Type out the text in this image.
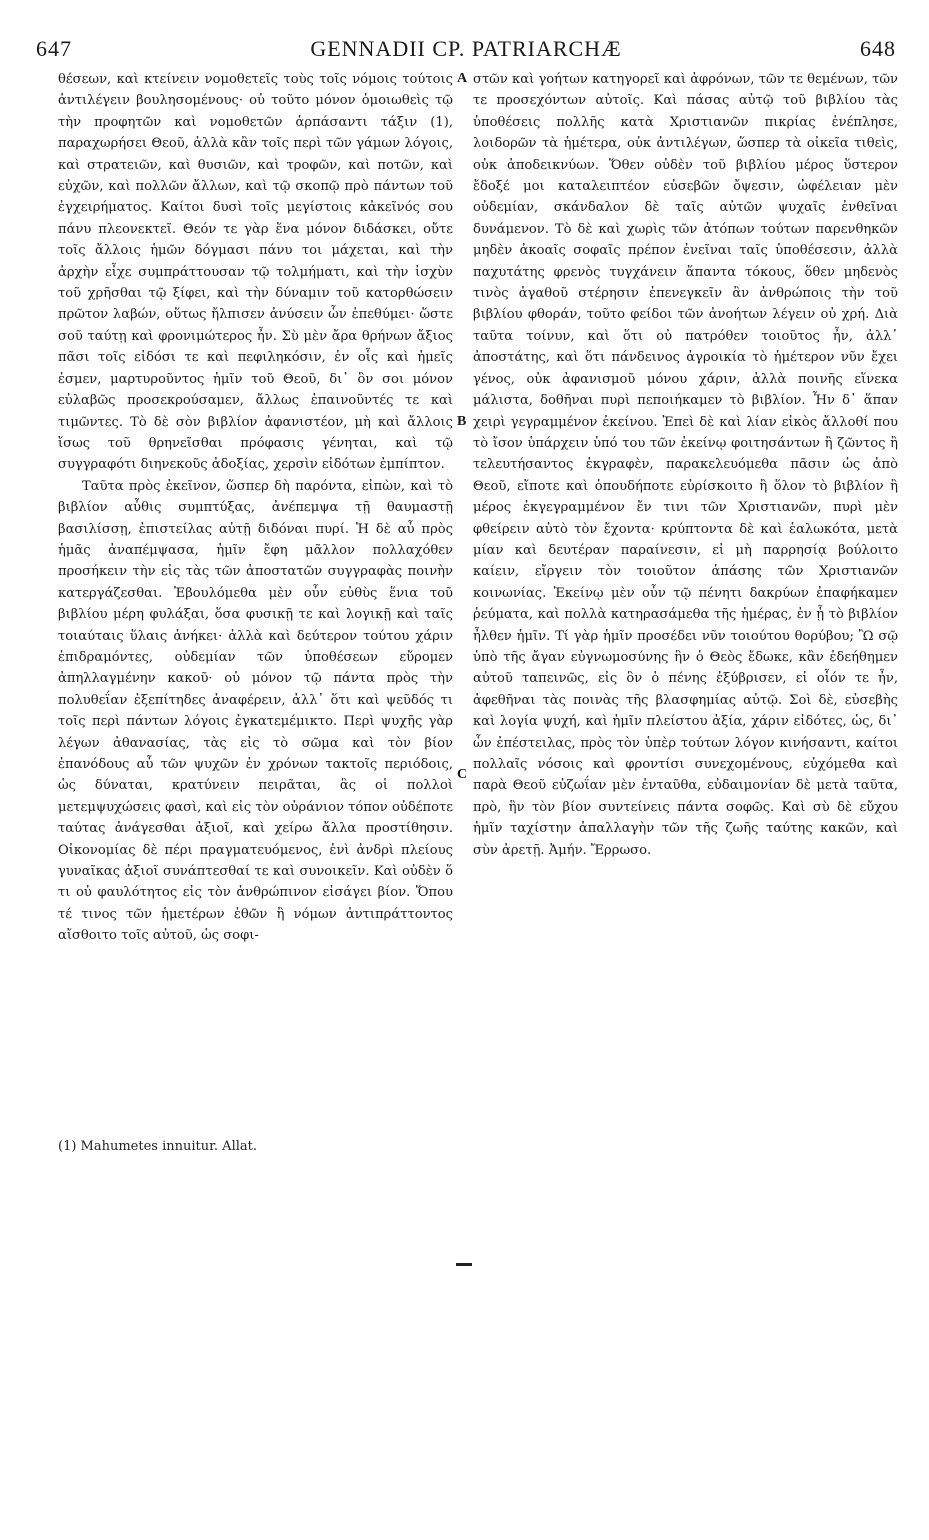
647	GENNADII CP. PATRIARCHÆ	648

θέσεων, καὶ κτείνειν νομοθετεῖς τοὺς τοῖς νόμοις τούτοις ἀντιλέγειν βουλησομένους· οὐ τοῦτο μόνον ὁμοιωθεὶς τῷ τὴν προφητῶν καὶ νομοθετῶν ἁρπάσαντι τάξιν (1), παραχωρήσει Θεοῦ, ἀλλὰ κἂν τοῖς περὶ τῶν γάμων λόγοις, καὶ στρατειῶν, καὶ θυσιῶν, καὶ τροφῶν, καὶ ποτῶν, καὶ εὐχῶν, καὶ πολλῶν ἄλλων, καὶ τῷ σκοπῷ πρὸ πάντων τοῦ ἐγχειρήματος. Καίτοι δυσὶ τοῖς μεγίστοις κἀκεῖνός σου πάνυ πλεονεκτεῖ. Θεόν τε γὰρ ἕνα μόνον διδάσκει, οὔτε τοῖς ἄλλοις ἡμῶν δόγμασι πάνυ τοι μάχεται, καὶ τὴν ἀρχὴν εἶχε συμπράττουσαν τῷ τολμήματι, καὶ τὴν ἰσχὺν τοῦ χρῆσθαι τῷ ξίφει, καὶ τὴν δύναμιν τοῦ κατορθώσειν πρῶτον λαβών, οὕτως ἤλπισεν ἀνύσειν ὧν ἐπεθύμει· ὥστε σοῦ ταύτῃ καὶ φρονιμώτερος ἦν. Σὺ μὲν ἄρα θρήνων ἄξιος πᾶσι τοῖς εἰδόσι τε καὶ πεφιληκόσιν, ἐν οἷς καὶ ἡμεῖς ἐσμεν, μαρτυροῦντος ἡμῖν τοῦ Θεοῦ, δι᾽ ὃν σοι μόνον εὐλαβῶς προσεκρούσαμεν, ἄλλως ἐπαινοῦντές τε καὶ τιμῶντες. Τὸ δὲ σὸν βιβλίον ἀφανιστέον, μὴ καὶ ἄλλοις ἴσως τοῦ θρηνεῖσθαι πρόφασις γένηται, καὶ τῷ συγγραφότι διηνεκοῦς ἀδοξίας, χερσὶν εἰδότων ἐμπίπτον.

Ταῦτα πρὸς ἐκεῖνον, ὥσπερ δὴ παρόντα, εἰπὼν, καὶ τὸ βιβλίον αὖθις συμπτύξας, ἀνέπεμψα τῇ θαυμαστῇ βασιλίσσῃ, ἐπιστείλας αὐτῇ διδόναι πυρί. Ἡ δὲ αὖ πρὸς ἡμᾶς ἀναπέμψασα, ἡμῖν ἔφη μᾶλλον πολλαχόθεν προσήκειν τὴν εἰς τὰς τῶν ἀποστατῶν συγγραφὰς ποινὴν κατεργάζεσθαι. Ἐβουλόμεθα μὲν οὖν εὐθὺς ἕνια τοῦ βιβλίου μέρη φυλάξαι, ὅσα φυσικῇ τε καὶ λογικῇ καὶ ταῖς τοιαύταις ὕλαις ἀνήκει· ἀλλὰ καὶ δεύτερον τούτου χάριν ἐπιδραμόντες, οὐδεμίαν τῶν ὑποθέσεων εὕρομεν ἀπηλλαγμένην κακοῦ· οὐ μόνον τῷ πάντα πρὸς τὴν πολυθεΐαν ἐξεπίτηδες ἀναφέρειν, ἀλλ᾽ ὅτι καὶ ψεῦδός τι τοῖς περὶ πάντων λόγοις ἐγκατεμέμικτο. Περὶ ψυχῆς γὰρ λέγων ἀθανασίας, τὰς εἰς τὸ σῶμα καὶ τὸν βίον ἐπανόδους αὖ τῶν ψυχῶν ἐν χρόνων τακτοῖς περιόδοις, ὡς δύναται, κρατύνειν πειρᾶται, ἃς οἱ πολλοὶ μετεμψυχώσεις φασὶ, καὶ εἰς τὸν οὐράνιον τόπον οὐδέποτε ταύτας ἀνάγεσθαι ἀξιοῖ, καὶ χείρω ἄλλα προστίθησιν. Οἰκονομίας δὲ πέρι πραγματευόμενος, ἑνὶ ἀνδρὶ πλείους γυναῖκας ἀξιοῖ συνάπτεσθαί τε καὶ συνοικεῖν. Καὶ οὐδὲν ὅ τι οὐ φαυλότητος εἰς τὸν ἀνθρώπινον εἰσάγει βίον. Ὅπου τέ τινος τῶν ἡμετέρων ἐθῶν ἢ νόμων ἀντιπράττοντος αἴσθοιτο τοῖς αὐτοῦ, ὡς σοφι-

στῶν καὶ γοήτων κατηγορεῖ καὶ ἀφρόνων, τῶν τε θεμένων, τῶν τε προσεχόντων αὐτοῖς. Καὶ πάσας αὐτῷ τοῦ βιβλίου τὰς ὑποθέσεις πολλῆς κατὰ Χριστιανῶν πικρίας ἐνέπλησε, λοιδορῶν τὰ ἡμέτερα, οὐκ ἀντιλέγων, ὥσπερ τὰ οἰκεῖα τιθεὶς, οὐκ ἀποδεικνύων. Ὅθεν οὐδὲν τοῦ βιβλίου μέρος ὕστερον ἔδοξέ μοι καταλειπτέον εὐσεβῶν ὄψεσιν, ὠφέλειαν μὲν οὐδεμίαν, σκάνδαλον δὲ ταῖς αὐτῶν ψυχαῖς ἐνθεῖναι δυνάμενον. Τὸ δὲ καὶ χωρὶς τῶν ἀτόπων τούτων παρενθηκῶν μηδὲν ἀκοαῖς σοφαῖς πρέπον ἐνεῖναι ταῖς ὑποθέσεσιν, ἀλλὰ παχυτάτης φρενὸς τυγχάνειν ἅπαντα τόκους, ὅθεν μηδενὸς τινὸς ἀγαθοῦ στέρησιν ἐπενεγκεῖν ἂν ἀνθρώποις τὴν τοῦ βιβλίου φθοράν, τοῦτο φείδοι τῶν ἀνοήτων λέγειν οὐ χρή. Διὰ ταῦτα τοίνυν, καὶ ὅτι οὐ πατρόθεν τοιοῦτος ἦν, ἀλλ᾽ ἀποστάτης, καὶ ὅτι πάνδεινος ἀγροικία τὸ ἡμέτερον νῦν ἔχει γένος, οὐκ ἀφανισμοῦ μόνου χάριν, ἀλλὰ ποινῆς εἵνεκα μάλιστα, δοθῆναι πυρὶ πεποιήκαμεν τὸ βιβλίον. Ἦν δ᾽ ἅπαν χειρὶ γεγραμμένον ἐκείνου. Ἐπεὶ δὲ καὶ λίαν εἰκὸς ἄλλοθί που τὸ ἴσον ὑπάρχειν ὑπό του τῶν ἐκείνῳ φοιτησάντων ἢ ζῶντος ἢ τελευτήσαντος ἐκγραφὲν, παρακελευόμεθα πᾶσιν ὡς ἀπὸ Θεοῦ, εἴποτε καὶ ὁπουδήποτε εὑρίσκοιτο ἢ ὅλον τὸ βιβλίον ἢ μέρος ἐκγεγραμμένον ἔν τινι τῶν Χριστιανῶν, πυρὶ μὲν φθείρειν αὐτὸ τὸν ἔχοντα· κρύπτοντα δὲ καὶ ἑαλωκότα, μετὰ μίαν καὶ δευτέραν παραίνεσιν, εἰ μὴ παρρησίᾳ βούλοιτο καίειν, εἴργειν τὸν τοιοῦτον ἁπάσης τῶν Χριστιανῶν κοινωνίας. Ἐκείνῳ μὲν οὖν τῷ πένητι δακρύων ἐπαφήκαμεν ῥεύματα, καὶ πολλὰ κατηρασάμεθα τῆς ἡμέρας, ἐν ᾗ τὸ βιβλίον ἦλθεν ἡμῖν. Τί γὰρ ἡμῖν προσέδει νῦν τοιούτου θορύβου; Ὢ σῷ ὑπὸ τῆς ἄγαν εὐγνωμοσύνης ἣν ὁ Θεὸς ἔδωκε, κἂν ἐδεήθημεν αὐτοῦ ταπεινῶς, εἰς ὃν ὁ πένης ἐξύβρισεν, εἰ οἷόν τε ἦν, ἀφεθῆναι τὰς ποινὰς τῆς βλασφημίας αὐτῷ. Σοὶ δὲ, εὐσεβὴς καὶ λογία ψυχή, καὶ ἡμῖν πλείστου ἀξία, χάριν εἰδότες, ὡς, δι᾽ ὧν ἐπέστειλας, πρὸς τὸν ὑπὲρ τούτων λόγον κινήσαντι, καίτοι πολλαῖς νόσοις καὶ φροντίσι συνεχομένους, εὐχόμεθα καὶ παρὰ Θεοῦ εὐζωΐαν μὲν ἐνταῦθα, εὐδαιμονίαν δὲ μετὰ ταῦτα, πρὸ, ἣν τὸν βίον συντείνεις πάντα σοφῶς. Καὶ σὺ δὲ εὔχου ἡμῖν ταχίστην ἀπαλλαγὴν τῶν τῆς ζωῆς ταύτης κακῶν, καὶ σὺν ἀρετῇ. Ἀμήν. Ἔρρωσο.

A
B
C
(1) Mahumetes innuitur. Allat.
